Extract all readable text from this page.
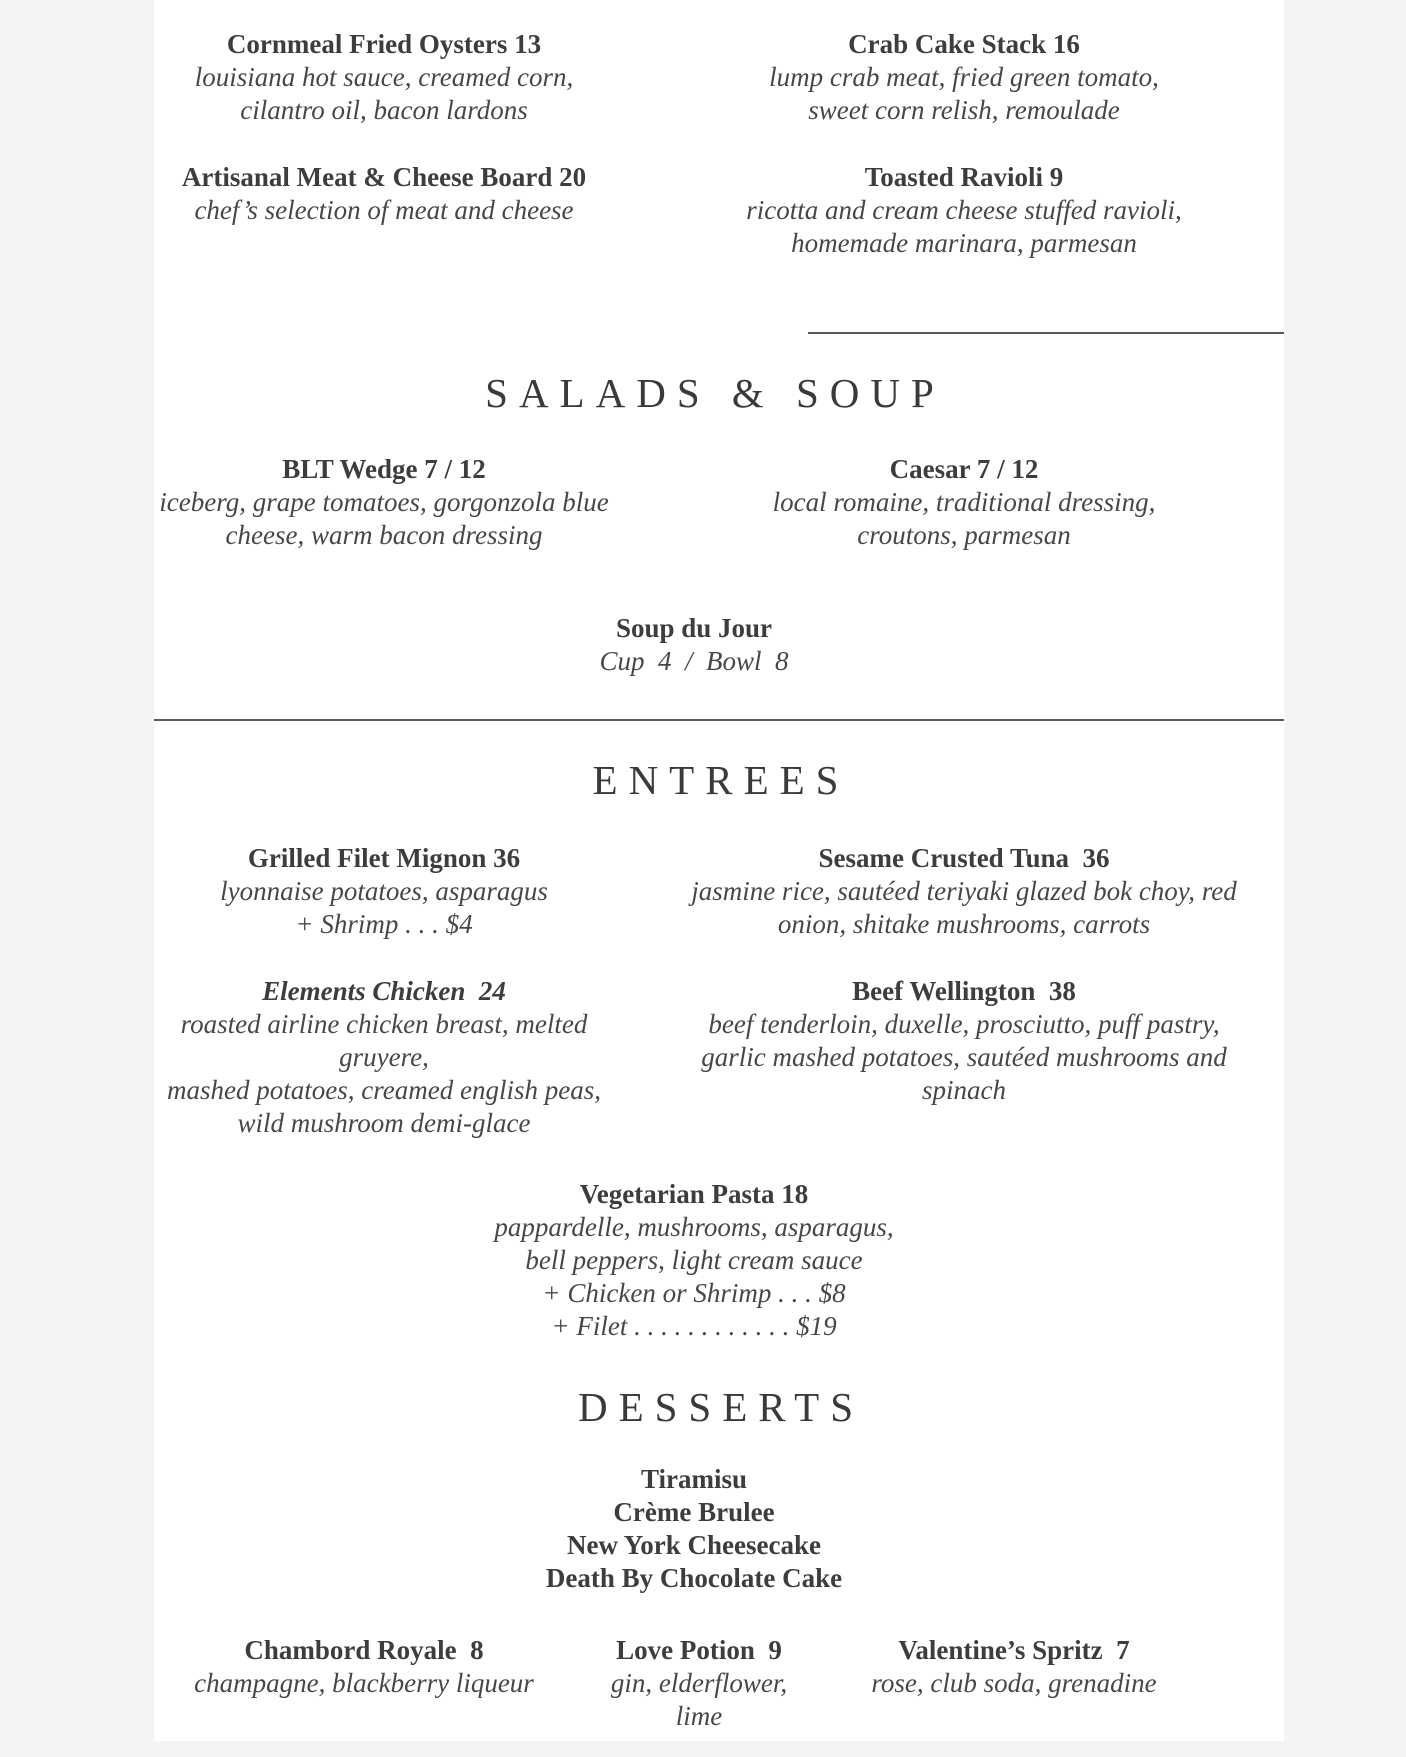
Cornmeal Fried Oysters 13
louisiana hot sauce, creamed corn,
cilantro oil, bacon lardons
Crab Cake Stack 16
lump crab meat, fried green tomato,
sweet corn relish, remoulade
Artisanal Meat & Cheese Board 20
chef’s selection of meat and cheese
Toasted Ravioli 9
ricotta and cream cheese stuffed ravioli,
homemade marinara, parmesan
SALADS & SOUP
BLT Wedge 7 / 12
iceberg, grape tomatoes, gorgonzola blue
cheese, warm bacon dressing
Caesar 7 / 12
local romaine, traditional dressing,
croutons, parmesan
Soup du Jour
Cup  4  /  Bowl  8
ENTREES
Grilled Filet Mignon 36
lyonnaise potatoes, asparagus
+ Shrimp . . . $4
Sesame Crusted Tuna  36
jasmine rice, sautéed teriyaki glazed bok choy, red
onion, shitake mushrooms, carrots
Elements Chicken  24
roasted airline chicken breast, melted
gruyere,
mashed potatoes, creamed english peas,
wild mushroom demi-glace
Beef Wellington  38
beef tenderloin, duxelle, prosciutto, puff pastry,
garlic mashed potatoes, sautéed mushrooms and
spinach
Vegetarian Pasta 18
pappardelle, mushrooms, asparagus,
bell peppers, light cream sauce
+ Chicken or Shrimp . . . $8
+ Filet . . . . . . . . . . . . $19
DESSERTS
Tiramisu
Crème Brulee
New York Cheesecake
Death By Chocolate Cake
Chambord Royale  8
champagne, blackberry liqueur
Love Potion  9
gin, elderflower,
lime
Valentine’s Spritz  7
rose, club soda, grenadine
